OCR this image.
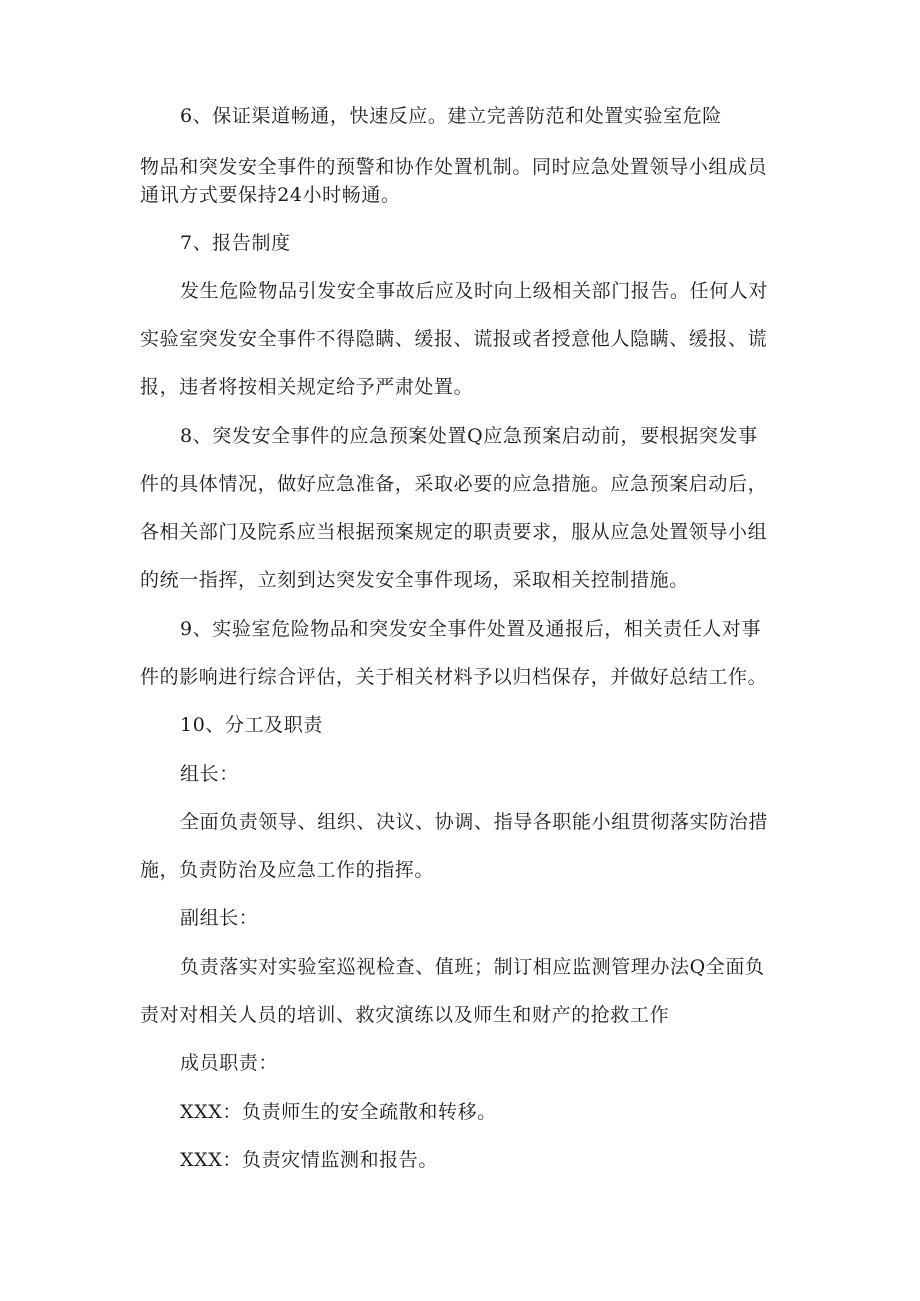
6、保证渠道畅通，快速反应。建立完善防范和处置实验室危险
物品和突发安全事件的预警和协作处置机制。同时应急处置领导小组成员
通讯方式要保持24小时畅通。
7、报告制度
发生危险物品引发安全事故后应及时向上级相关部门报告。任何人对
实验室突发安全事件不得隐瞒、缓报、谎报或者授意他人隐瞒、缓报、谎
报，违者将按相关规定给予严肃处置。
8、突发安全事件的应急预案处置Q应急预案启动前，要根据突发事
件的具体情况，做好应急准备，采取必要的应急措施。应急预案启动后，
各相关部门及院系应当根据预案规定的职责要求，服从应急处置领导小组
的统一指挥，立刻到达突发安全事件现场，采取相关控制措施。
9、实验室危险物品和突发安全事件处置及通报后，相关责任人对事
件的影响进行综合评估，关于相关材料予以归档保存，并做好总结工作。
10、分工及职责
组长：
全面负责领导、组织、决议、协调、指导各职能小组贯彻落实防治措
施，负责防治及应急工作的指挥。
副组长：
负责落实对实验室巡视检查、值班；制订相应监测管理办法Q全面负
责对对相关人员的培训、救灾演练以及师生和财产的抢救工作
成员职责：
XXX：负责师生的安全疏散和转移。
XXX：负责灾情监测和报告。
